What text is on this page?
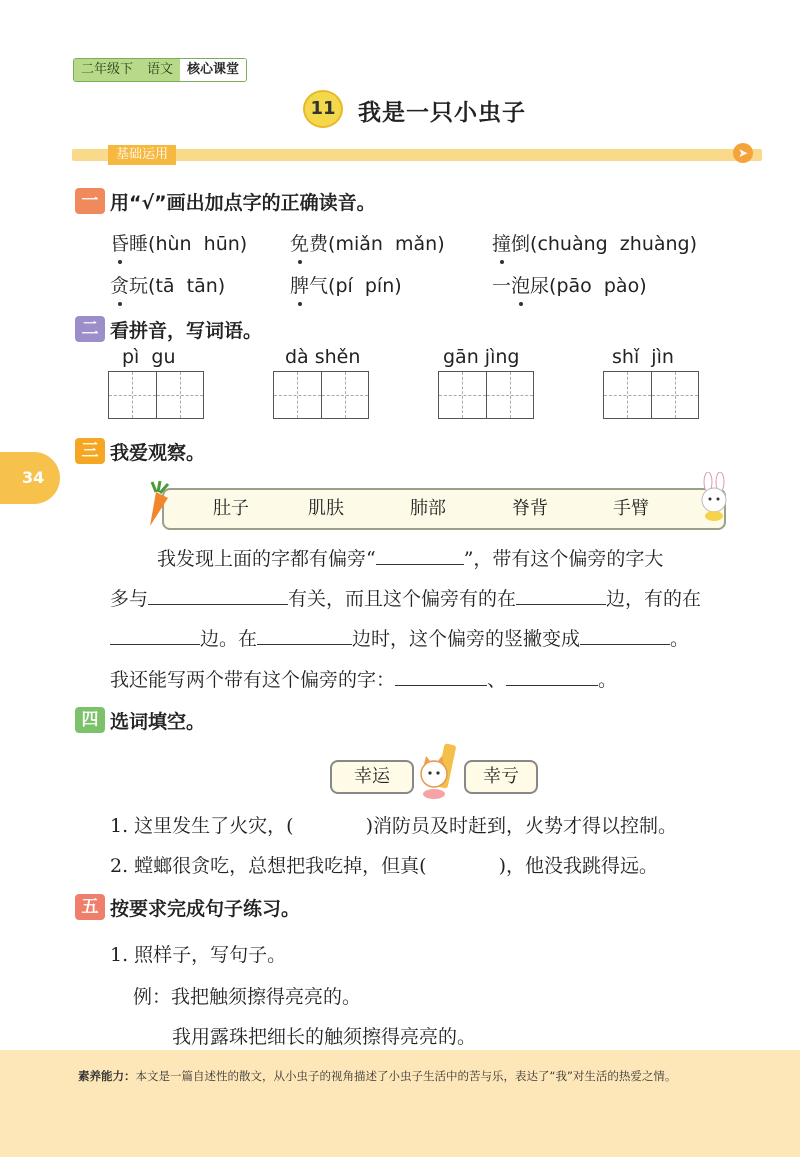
二年级下	语文	核心课堂
11 我是一只小虫子
基础运用	➤
34
一 用“√”画出加点字的正确读音。
昏睡(hùn  hūn) 免费(miǎn  mǎn) 撞倒(chuàng  zhuàng)
贪玩(tā  tān)	脾气(pí  pín)	一泡尿(pāo  pào)
二 看拼音，写词语。
pì  gu	dà shěn	gān jìng	shǐ  jìn
三 我爱观察。
肚子	肌肤	肺部	脊背	手臂
我发现上面的字都有偏旁“	”，带有这个偏旁的字大
多与	有关，而且这个偏旁有的在	边，有的在
边。在	边时，这个偏旁的竖撇变成	。
我还能写两个带有这个偏旁的字：	、	。
四 选词填空。
幸运	幸亏
1. 这里发生了火灾，(	)消防员及时赶到，火势才得以控制。
2. 螳螂很贪吃，总想把我吃掉，但真(	)，他没我跳得远。
五 按要求完成句子练习。
1. 照样子，写句子。
例：我把触须擦得亮亮的。
我用露珠把细长的触须擦得亮亮的。
素养能力：本文是一篇自述性的散文，从小虫子的视角描述了小虫子生活中的苦与乐，表达了“我”对生活的热爱之情。
